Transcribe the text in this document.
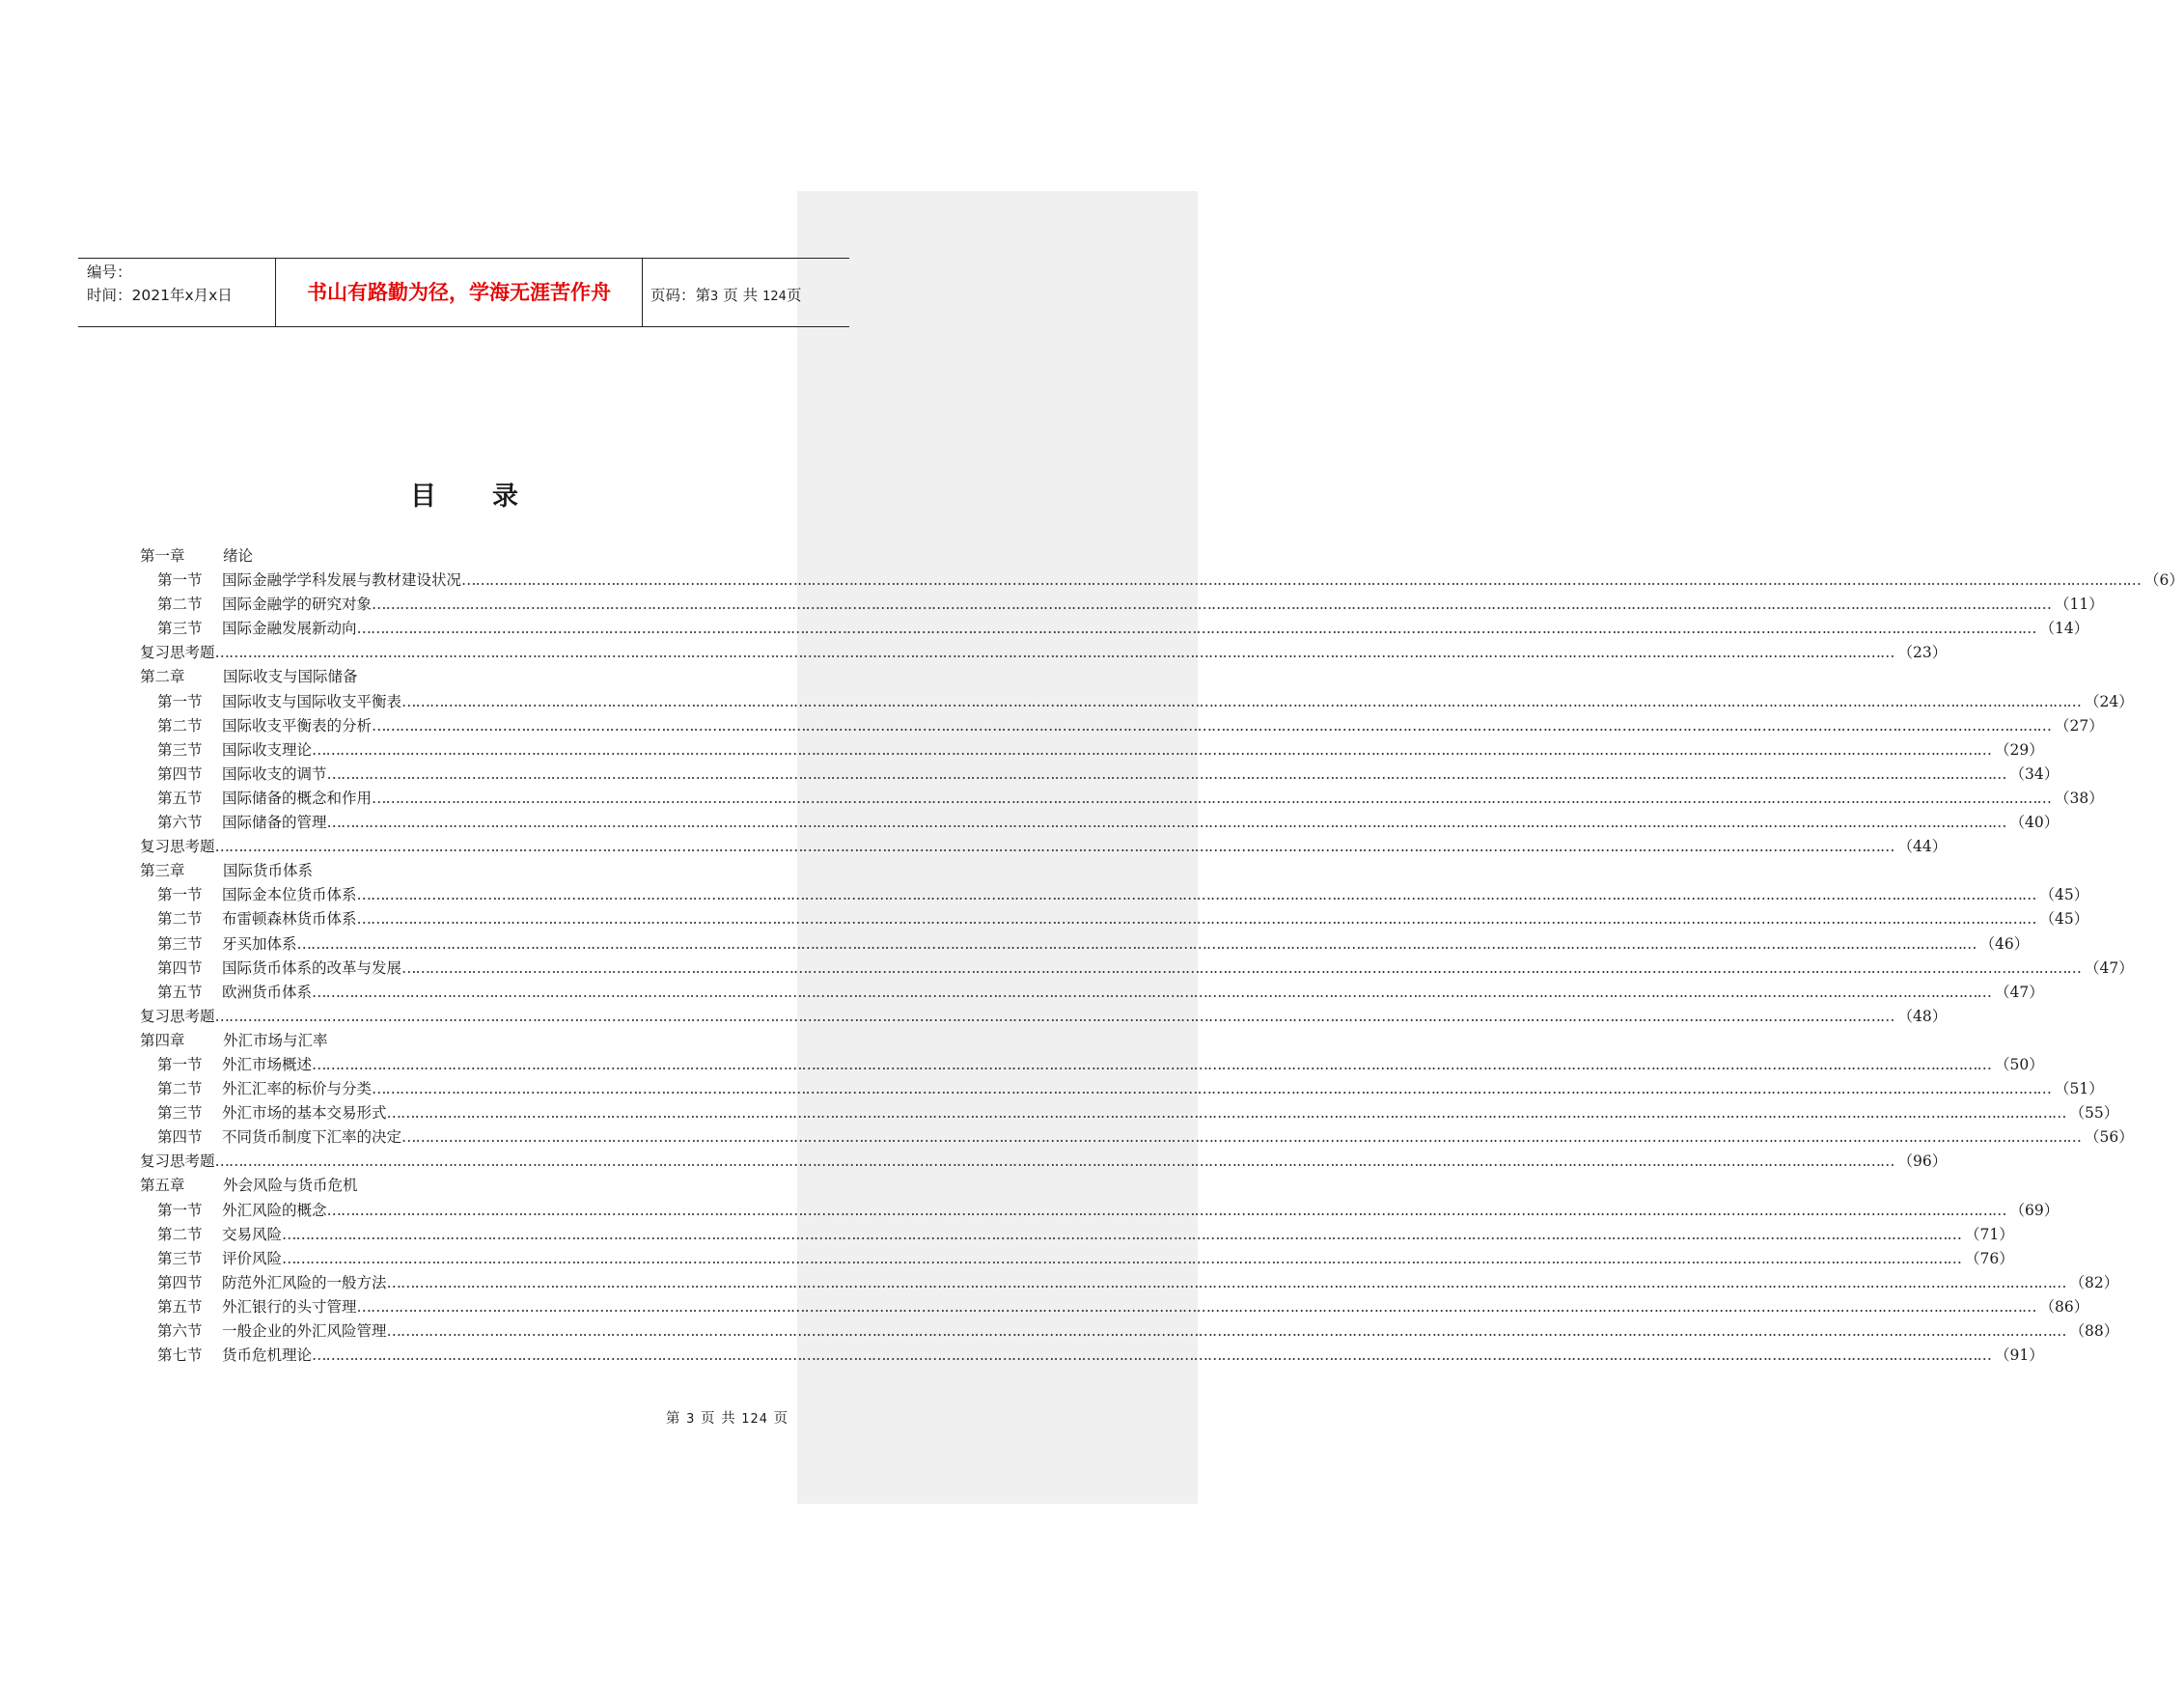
编号：
时间：2021年x月x日	书山有路勤为径，学海无涯苦作舟	页码：第3 页 共 124页
目录
第一章	绪论
第一节	国际金融学学科发展与教材建设状况 ……………………………………………………………………………………………………………………………………………………………………………………………………………………………………………………………………………………………………………………………… （6）
第二节	国际金融学的研究对象 ……………………………………………………………………………………………………………………………………………………………………………………………………………………………………………………………………………………………………………………………… （11）
第三节	国际金融发展新动向 ……………………………………………………………………………………………………………………………………………………………………………………………………………………………………………………………………………………………………………………………… （14）
复习思考题 ……………………………………………………………………………………………………………………………………………………………………………………………………………………………………………………………………………………………………………………………… （23）
第二章	国际收支与国际储备
第一节	国际收支与国际收支平衡表 ……………………………………………………………………………………………………………………………………………………………………………………………………………………………………………………………………………………………………………………………… （24）
第二节	国际收支平衡表的分析 ……………………………………………………………………………………………………………………………………………………………………………………………………………………………………………………………………………………………………………………………… （27）
第三节	国际收支理论 ……………………………………………………………………………………………………………………………………………………………………………………………………………………………………………………………………………………………………………………………… （29）
第四节	国际收支的调节 ……………………………………………………………………………………………………………………………………………………………………………………………………………………………………………………………………………………………………………………………… （34）
第五节	国际储备的概念和作用 ……………………………………………………………………………………………………………………………………………………………………………………………………………………………………………………………………………………………………………………………… （38）
第六节	国际储备的管理 ……………………………………………………………………………………………………………………………………………………………………………………………………………………………………………………………………………………………………………………………… （40）
复习思考题 ……………………………………………………………………………………………………………………………………………………………………………………………………………………………………………………………………………………………………………………………… （44）
第三章	国际货币体系
第一节	国际金本位货币体系 ……………………………………………………………………………………………………………………………………………………………………………………………………………………………………………………………………………………………………………………………… （45）
第二节	布雷顿森林货币体系 ……………………………………………………………………………………………………………………………………………………………………………………………………………………………………………………………………………………………………………………………… （45）
第三节	牙买加体系 ……………………………………………………………………………………………………………………………………………………………………………………………………………………………………………………………………………………………………………………………… （46）
第四节	国际货币体系的改革与发展 ……………………………………………………………………………………………………………………………………………………………………………………………………………………………………………………………………………………………………………………………… （47）
第五节	欧洲货币体系 ……………………………………………………………………………………………………………………………………………………………………………………………………………………………………………………………………………………………………………………………… （47）
复习思考题 ……………………………………………………………………………………………………………………………………………………………………………………………………………………………………………………………………………………………………………………………… （48）
第四章	外汇市场与汇率
第一节	外汇市场概述 ……………………………………………………………………………………………………………………………………………………………………………………………………………………………………………………………………………………………………………………………… （50）
第二节	外汇汇率的标价与分类 ……………………………………………………………………………………………………………………………………………………………………………………………………………………………………………………………………………………………………………………………… （51）
第三节	外汇市场的基本交易形式 ……………………………………………………………………………………………………………………………………………………………………………………………………………………………………………………………………………………………………………………………… （55）
第四节	不同货币制度下汇率的决定 ……………………………………………………………………………………………………………………………………………………………………………………………………………………………………………………………………………………………………………………………… （56）
复习思考题 ……………………………………………………………………………………………………………………………………………………………………………………………………………………………………………………………………………………………………………………………… （96）
第五章	外会风险与货币危机
第一节	外汇风险的概念 ……………………………………………………………………………………………………………………………………………………………………………………………………………………………………………………………………………………………………………………………… （69）
第二节	交易风险 ……………………………………………………………………………………………………………………………………………………………………………………………………………………………………………………………………………………………………………………………… （71）
第三节	评价风险 ……………………………………………………………………………………………………………………………………………………………………………………………………………………………………………………………………………………………………………………………… （76）
第四节	防范外汇风险的一般方法 ……………………………………………………………………………………………………………………………………………………………………………………………………………………………………………………………………………………………………………………………… （82）
第五节	外汇银行的头寸管理 ……………………………………………………………………………………………………………………………………………………………………………………………………………………………………………………………………………………………………………………………… （86）
第六节	一般企业的外汇风险管理 ……………………………………………………………………………………………………………………………………………………………………………………………………………………………………………………………………………………………………………………………… （88）
第七节	货币危机理论 ……………………………………………………………………………………………………………………………………………………………………………………………………………………………………………………………………………………………………………………………… （91）
第 3 页 共 124 页
